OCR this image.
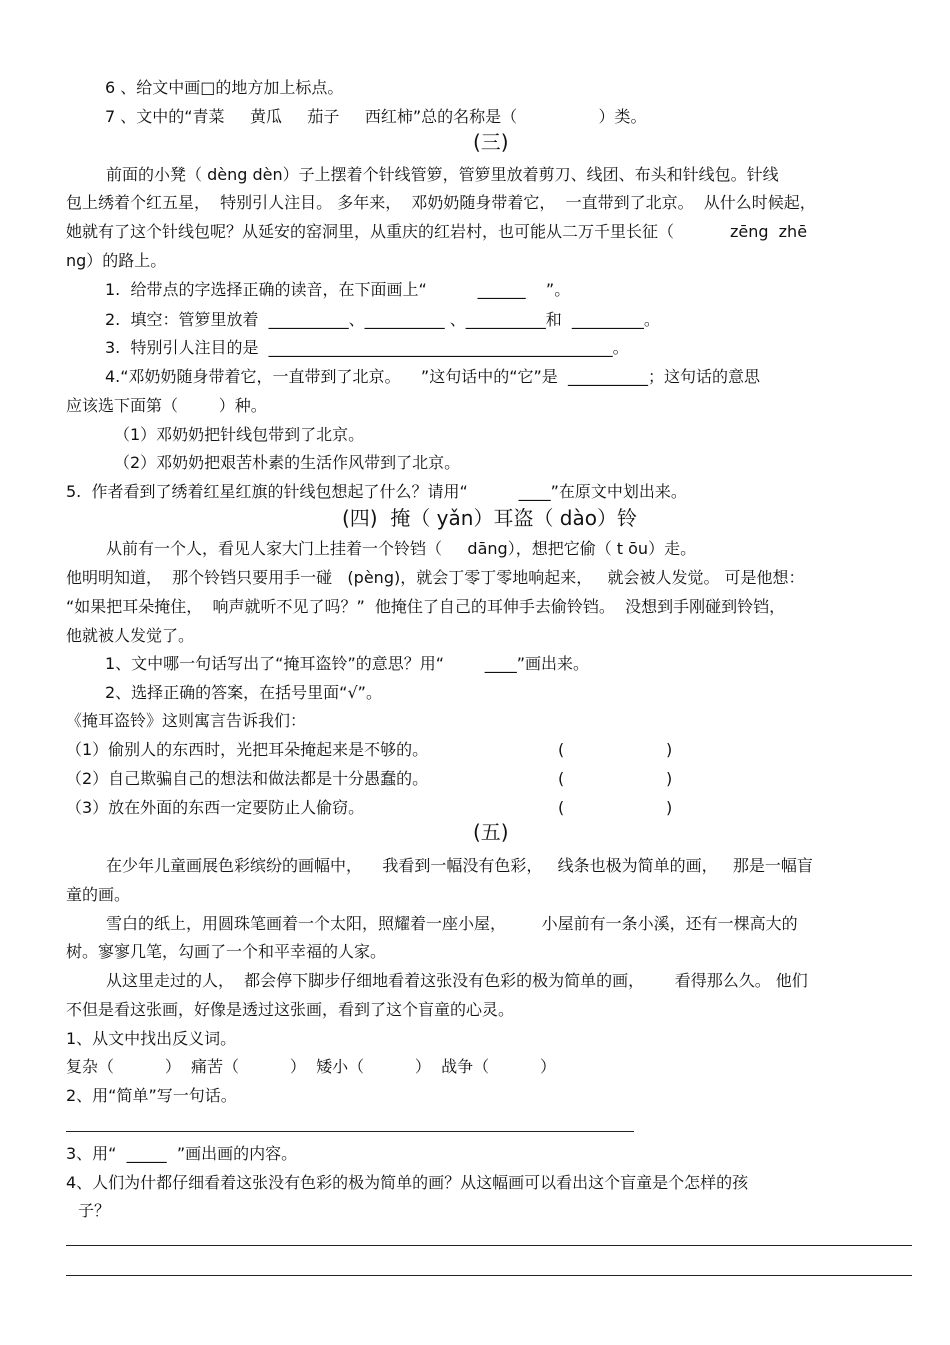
6 、给文中画□的地方加上标点。
7 、文中的“青菜     黄瓜     茄子     西红柿”总的名称是（                ）类。
(三)
前面的小凳（ dèng dèn）子上摆着个针线管箩，管箩里放着剪刀、线团、布头和针线包。针线
包上绣着个红五星，  特别引人注目。 多年来，  邓奶奶随身带着它，  一直带到了北京。  从什么时候起，
她就有了这个针线包呢？从延安的窑洞里，从重庆的红岩村，也可能从二万千里长征（           zēng  zhē
ng）的路上。
1.  给带点的字选择正确的读音，在下面画上“          ______    ”。
2.  填空：管箩里放着  __________、__________ 、__________和  _________。
3.  特别引人注目的是  ___________________________________________。
4.“邓奶奶随身带着它，一直带到了北京。    ”这句话中的“它”是  __________；这句话的意思
应该选下面第（        ）种。
（1）邓奶奶把针线包带到了北京。
（2）邓奶奶把艰苦朴素的生活作风带到了北京。
5.  作者看到了绣着红星红旗的针线包想起了什么？请用“          ____”在原文中划出来。
(四)  掩（ yǎn）耳盗（ dào）铃
从前有一个人，看见人家大门上挂着一个铃铛（     dāng），想把它偷（ t ōu）走。
他明明知道，  那个铃铛只要用手一碰   (pèng)，就会丁零丁零地响起来，   就会被人发觉。 可是他想：
“如果把耳朵掩住，  响声就听不见了吗？”  他掩住了自己的耳伸手去偷铃铛。  没想到手刚碰到铃铛，
他就被人发觉了。
1、文中哪一句话写出了“掩耳盗铃”的意思？用“        ____”画出来。
2、选择正确的答案，在括号里面“√”。
《掩耳盗铃》这则寓言告诉我们：
（1）偷别人的东西时，光把耳朵掩起来是不够的。	(                    )
（2）自己欺骗自己的想法和做法都是十分愚蠢的。	(                    )
（3）放在外面的东西一定要防止人偷窃。	(                    )
(五)
在少年儿童画展色彩缤纷的画幅中，    我看到一幅没有色彩，   线条也极为简单的画，   那是一幅盲
童的画。
雪白的纸上，用圆珠笔画着一个太阳，照耀着一座小屋，       小屋前有一条小溪，还有一棵高大的
树。寥寥几笔，勾画了一个和平幸福的人家。
从这里走过的人，  都会停下脚步仔细地看着这张没有色彩的极为简单的画，      看得那么久。 他们
不但是看这张画，好像是透过这张画，看到了这个盲童的心灵。
1、从文中找出反义词。
复杂（          ）  痛苦（          ）  矮小（          ）  战争（          ）
2、用“简单”写一句话。
3、用“  _____  ”画出画的内容。
4、人们为什都仔细看着这张没有色彩的极为简单的画？从这幅画可以看出这个盲童是个怎样的孩
子？
